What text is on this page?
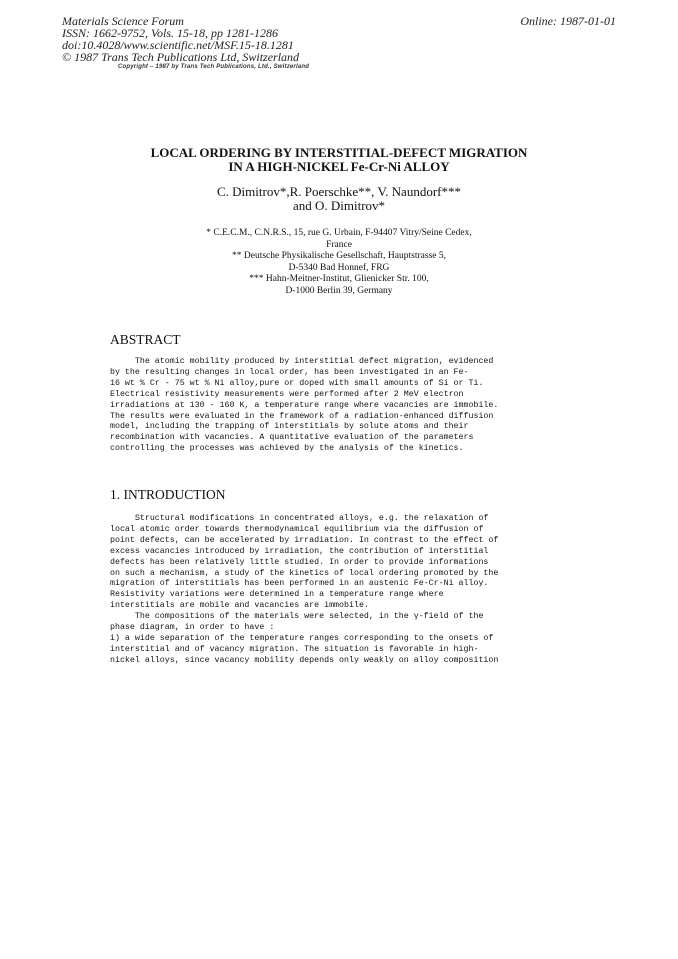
Materials Science Forum
ISSN: 1662-9752, Vols. 15-18, pp 1281-1286
doi:10.4028/www.scientific.net/MSF.15-18.1281
© 1987 Trans Tech Publications Ltd, Switzerland
Online: 1987-01-01
Copyright – 1987 by Trans Tech Publications, Ltd., Switzerland
LOCAL ORDERING BY INTERSTITIAL-DEFECT MIGRATION
IN A HIGH-NICKEL Fe-Cr-Ni ALLOY
C. Dimitrov*,R. Poerschke**, V. Naundorf***
and O. Dimitrov*
* C.E.C.M., C.N.R.S., 15, rue G. Urbain, F-94407 Vitry/Seine Cedex,
France
** Deutsche Physikalische Gesellschaft, Hauptstrasse 5,
D-5340 Bad Honnef, FRG
*** Hahn-Meitner-Institut, Glienicker Str. 100,
D-1000 Berlin 39, Germany
ABSTRACT
The atomic mobility produced by interstitial defect migration, evidenced
by the resulting changes in local order, has been investigated in an Fe-
16 wt % Cr - 75 wt % Ni alloy,pure or doped with small amounts of Si or Ti.
Electrical resistivity measurements were performed after 2 MeV electron
irradiations at 130 - 160 K, a temperature range where vacancies are immobile.
The results were evaluated in the framework of a radiation-enhanced diffusion
model, including the trapping of interstitials by solute atoms and their
recombination with vacancies. A quantitative evaluation of the parameters
controlling the processes was achieved by the analysis of the kinetics.
1. INTRODUCTION
Structural modifications in concentrated alloys, e.g. the relaxation of
local atomic order towards thermodynamical equilibrium via the diffusion of
point defects, can be accelerated by irradiation. In contrast to the effect of
excess vacancies introduced by irradiation, the contribution of interstitial
defects has been relatively little studied. In order to provide informations
on such a mechanism, a study of the kinetics of local ordering promoted by the
migration of interstitials has been performed in an austenic Fe-Cr-Ni alloy.
Resistivity variations were determined in a temperature range where
interstitials are mobile and vacancies are immobile.
The compositions of the materials were selected, in the γ-field of the
phase diagram, in order to have :
i) a wide separation of the temperature ranges corresponding to the onsets of
interstitial and of vacancy migration. The situation is favorable in high-
nickel alloys, since vacancy mobility depends only weakly on alloy composition
